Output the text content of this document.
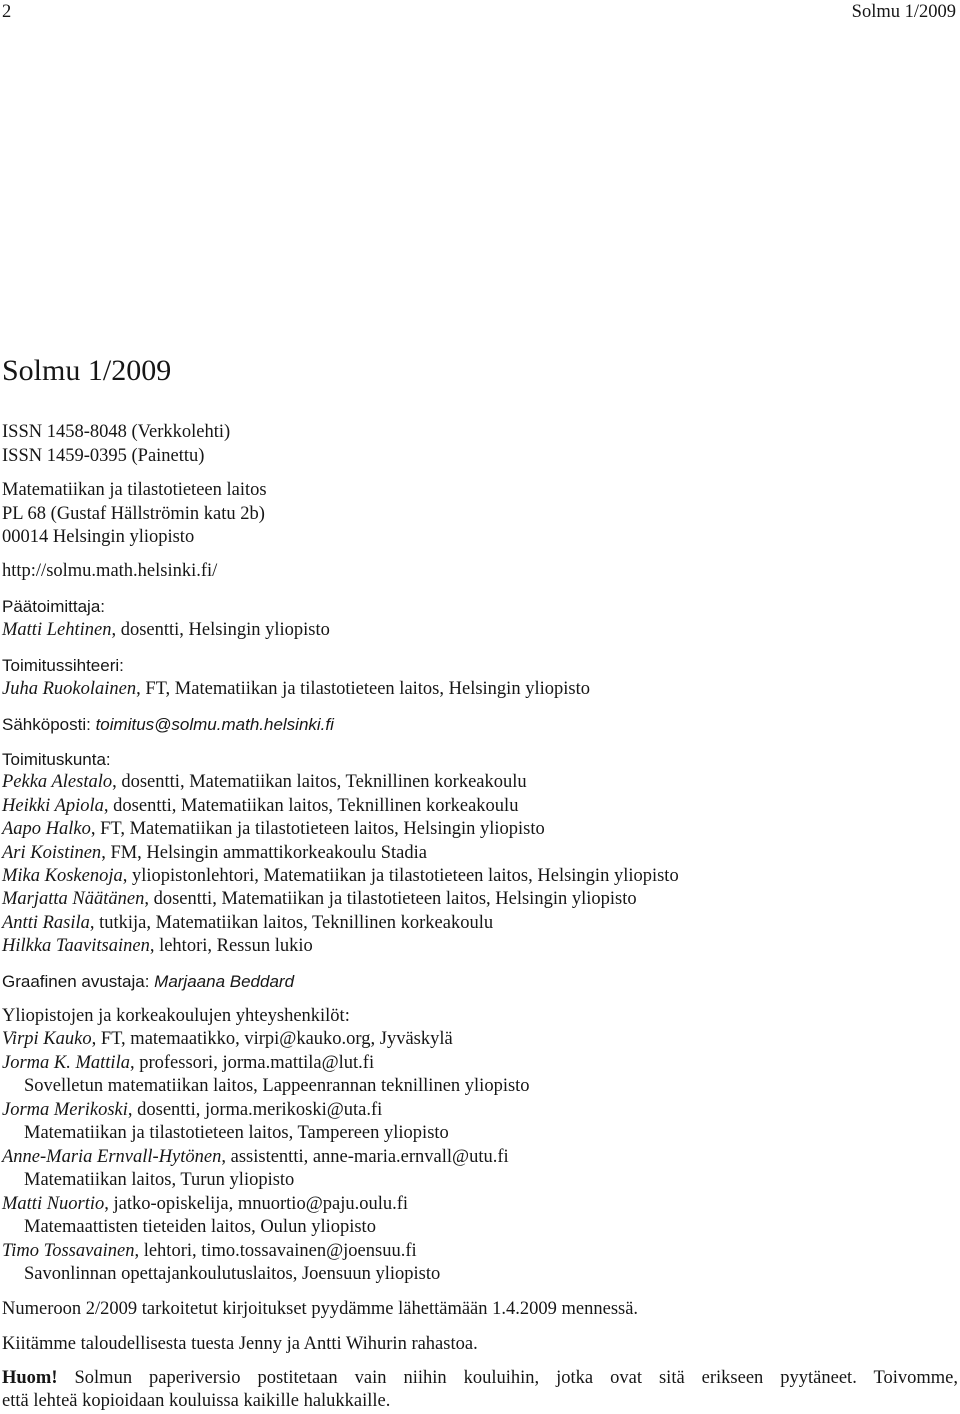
2	Solmu 1/2009
Solmu 1/2009
ISSN 1458-8048 (Verkkolehti)
ISSN 1459-0395 (Painettu)
Matematiikan ja tilastotieteen laitos
PL 68 (Gustaf Hällströmin katu 2b)
00014 Helsingin yliopisto
http://solmu.math.helsinki.fi/
Päätoimittaja:
Matti Lehtinen, dosentti, Helsingin yliopisto
Toimitussihteeri:
Juha Ruokolainen, FT, Matematiikan ja tilastotieteen laitos, Helsingin yliopisto
Sähköposti: toimitus@solmu.math.helsinki.fi
Toimituskunta:
Pekka Alestalo, dosentti, Matematiikan laitos, Teknillinen korkeakoulu
Heikki Apiola, dosentti, Matematiikan laitos, Teknillinen korkeakoulu
Aapo Halko, FT, Matematiikan ja tilastotieteen laitos, Helsingin yliopisto
Ari Koistinen, FM, Helsingin ammattikorkeakoulu Stadia
Mika Koskenoja, yliopistonlehtori, Matematiikan ja tilastotieteen laitos, Helsingin yliopisto
Marjatta Näätänen, dosentti, Matematiikan ja tilastotieteen laitos, Helsingin yliopisto
Antti Rasila, tutkija, Matematiikan laitos, Teknillinen korkeakoulu
Hilkka Taavitsainen, lehtori, Ressun lukio
Graafinen avustaja: Marjaana Beddard
Yliopistojen ja korkeakoulujen yhteyshenkilöt:
Virpi Kauko, FT, matemaatikko, virpi@kauko.org, Jyväskylä
Jorma K. Mattila, professori, jorma.mattila@lut.fi
Sovelletun matematiikan laitos, Lappeenrannan teknillinen yliopisto
Jorma Merikoski, dosentti, jorma.merikoski@uta.fi
Matematiikan ja tilastotieteen laitos, Tampereen yliopisto
Anne-Maria Ernvall-Hytönen, assistentti, anne-maria.ernvall@utu.fi
Matematiikan laitos, Turun yliopisto
Matti Nuortio, jatko-opiskelija, mnuortio@paju.oulu.fi
Matemaattisten tieteiden laitos, Oulun yliopisto
Timo Tossavainen, lehtori, timo.tossavainen@joensuu.fi
Savonlinnan opettajankoulutuslaitos, Joensuun yliopisto
Numeroon 2/2009 tarkoitetut kirjoitukset pyydämme lähettämään 1.4.2009 mennessä.
Kiitämme taloudellisesta tuesta Jenny ja Antti Wihurin rahastoa.
Huom! Solmun paperiversio postitetaan vain niihin kouluihin, jotka ovat sitä erikseen pyytäneet. Toivomme,
että lehteä kopioidaan kouluissa kaikille halukkaille.
